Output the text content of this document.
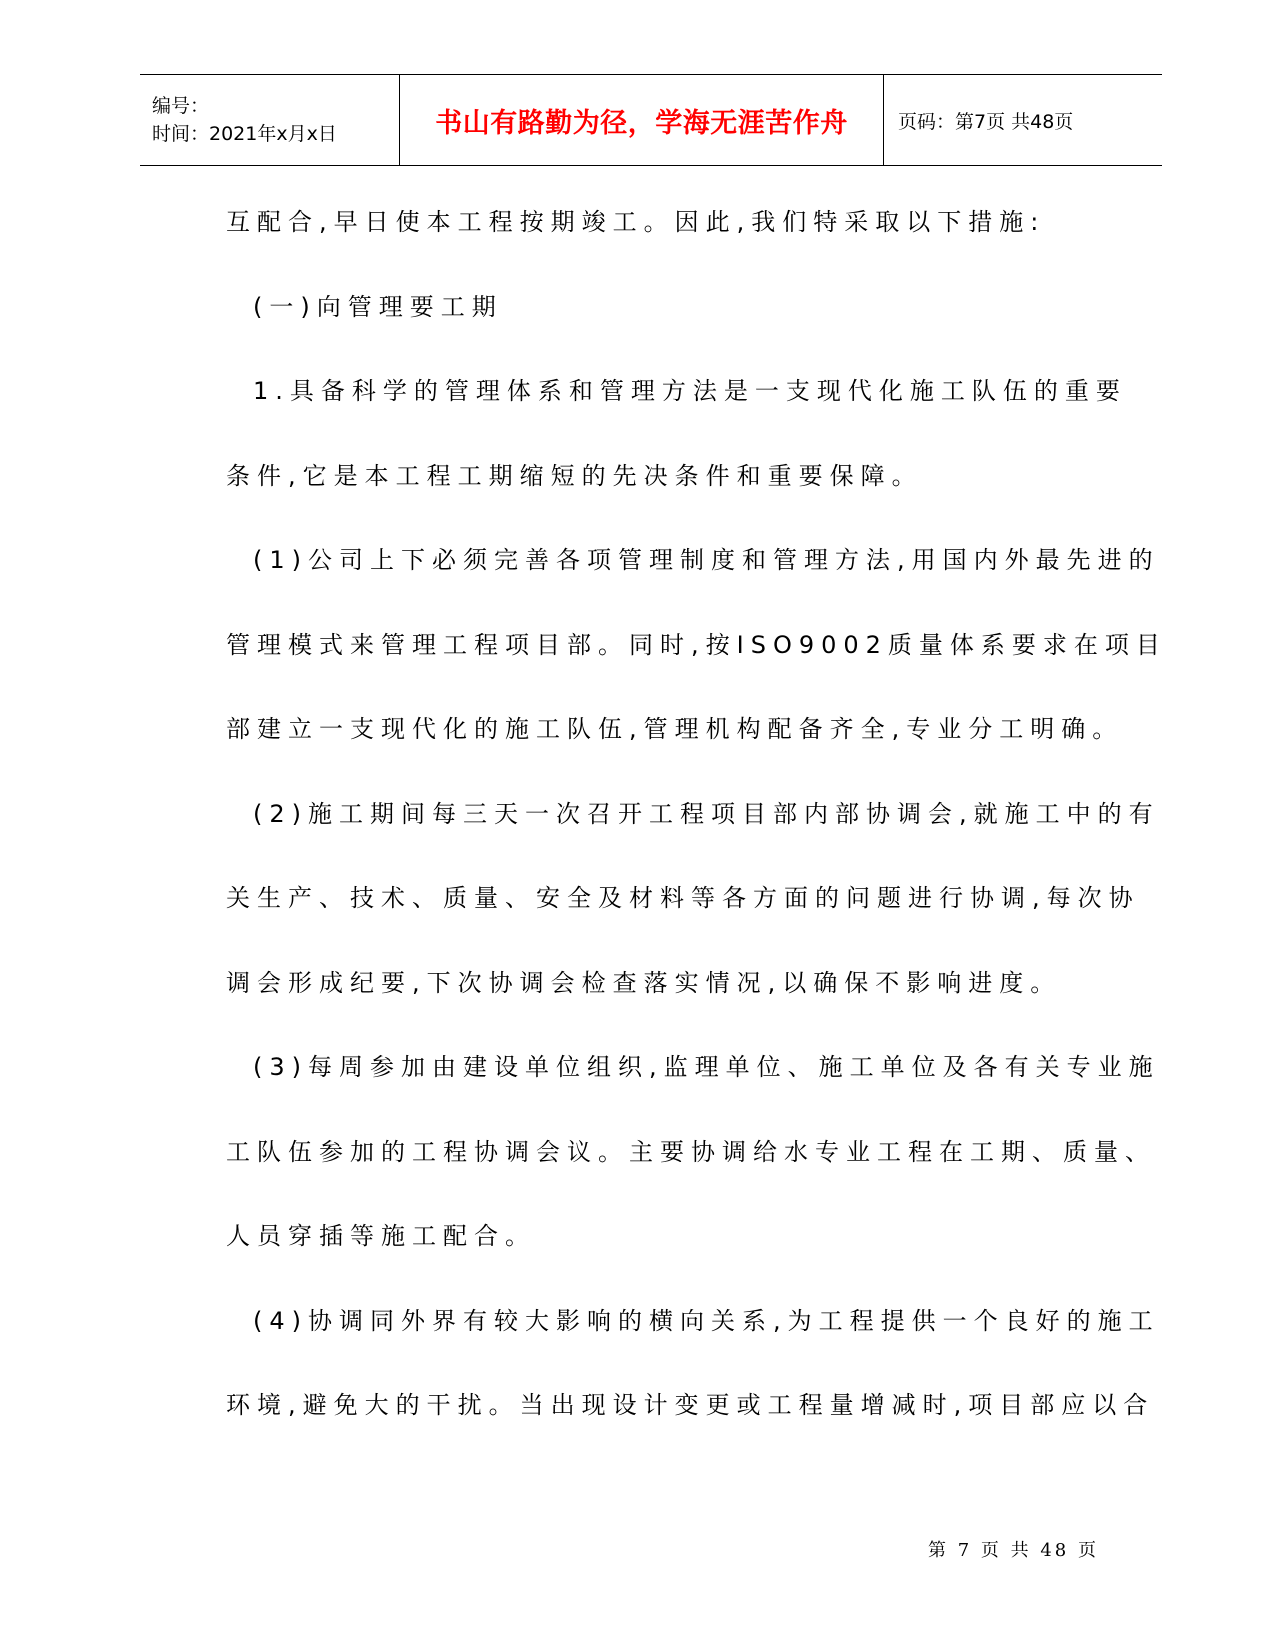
编号：
时间：2021年x月x日	书山有路勤为径，学海无涯苦作舟	页码：第7页 共48页
互配合,早日使本工程按期竣工。因此,我们特采取以下措施:
(一)向管理要工期
1.具备科学的管理体系和管理方法是一支现代化施工队伍的重要
条件,它是本工程工期缩短的先决条件和重要保障。
(1)公司上下必须完善各项管理制度和管理方法,用国内外最先进的
管理模式来管理工程项目部。同时,按ISO9002质量体系要求在项目
部建立一支现代化的施工队伍,管理机构配备齐全,专业分工明确。
(2)施工期间每三天一次召开工程项目部内部协调会,就施工中的有
关生产、技术、质量、安全及材料等各方面的问题进行协调,每次协
调会形成纪要,下次协调会检查落实情况,以确保不影响进度。
(3)每周参加由建设单位组织,监理单位、施工单位及各有关专业施
工队伍参加的工程协调会议。主要协调给水专业工程在工期、质量、
人员穿插等施工配合。
(4)协调同外界有较大影响的横向关系,为工程提供一个良好的施工
环境,避免大的干扰。当出现设计变更或工程量增减时,项目部应以合
第 7 页 共 48 页
